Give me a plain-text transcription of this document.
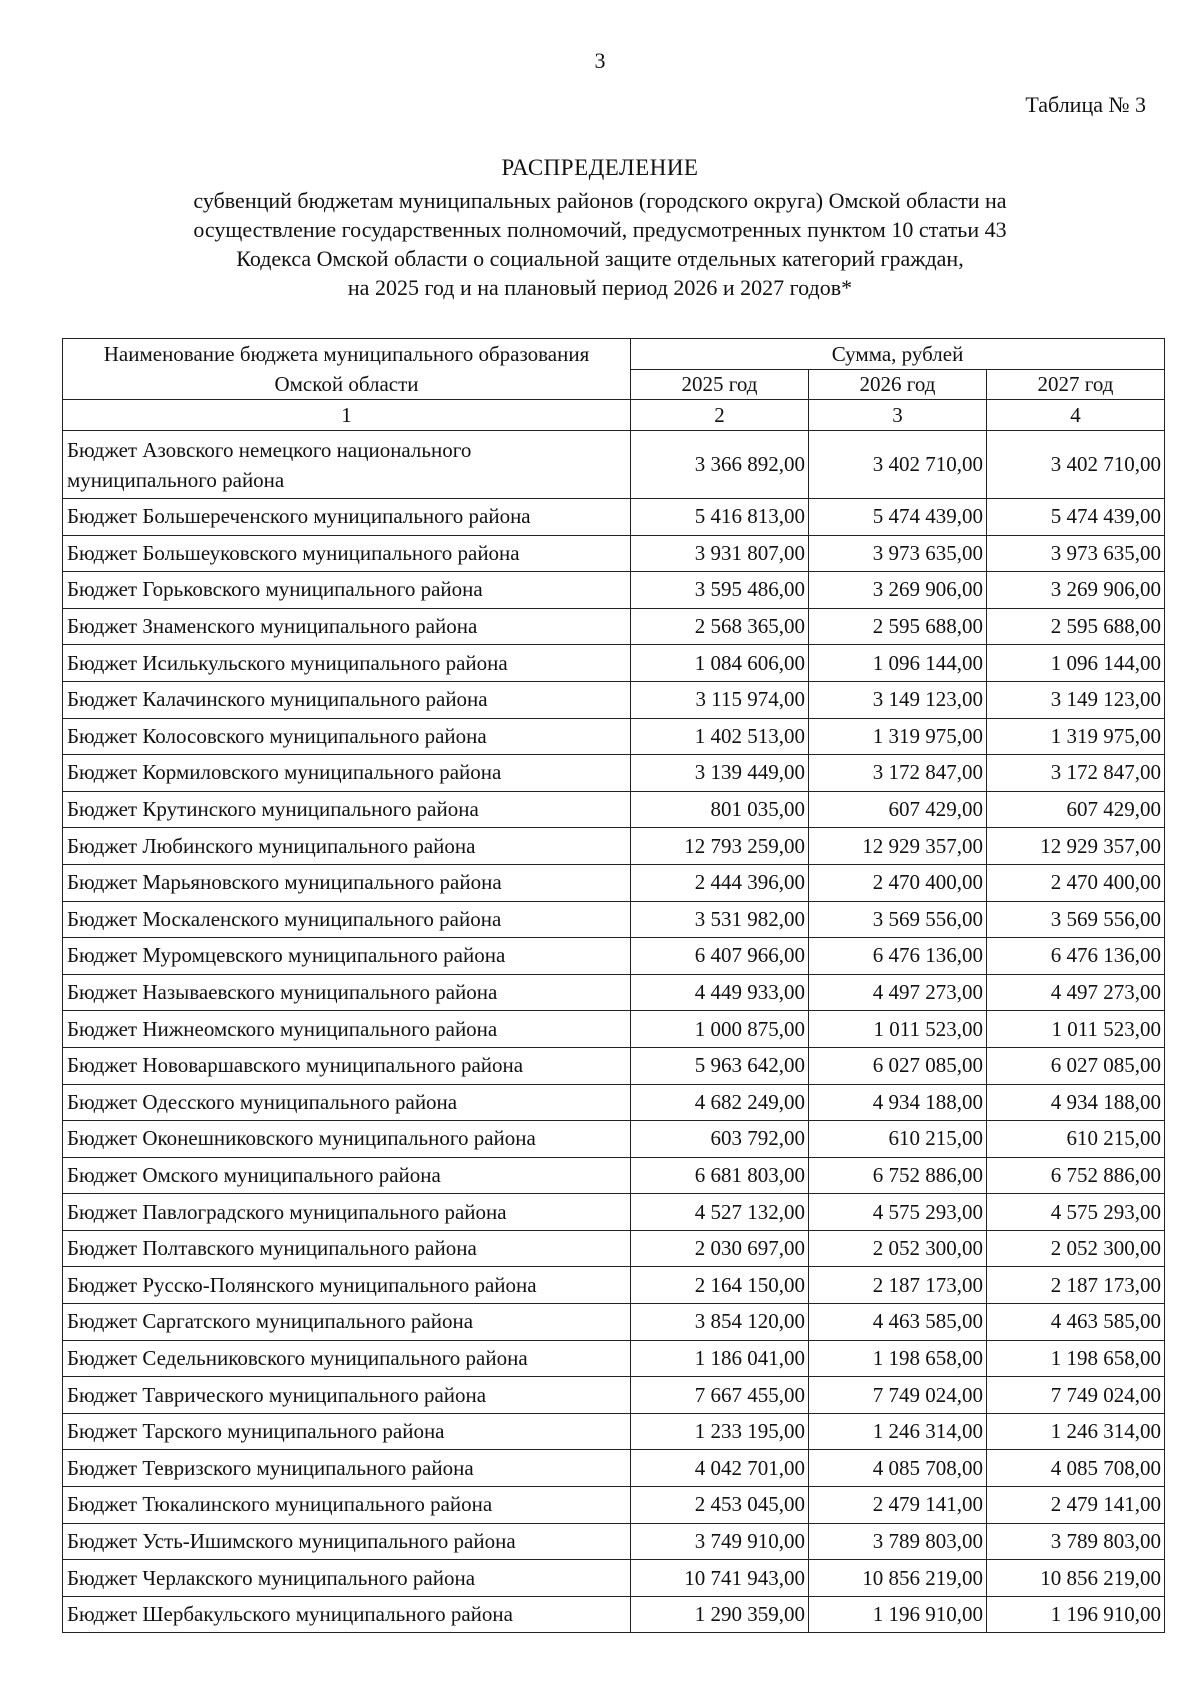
3
Таблица № 3
РАСПРЕДЕЛЕНИЕ
субвенций бюджетам муниципальных районов (городского округа) Омской области на
осуществление государственных полномочий, предусмотренных пунктом 10 статьи 43
Кодекса Омской области о социальной защите отдельных категорий граждан,
на 2025 год и на плановый период 2026 и 2027 годов*
Наименование бюджета муниципального образования Омской области	Сумма, рублей		
	2025 год	2026 год	2027 год
1	2	3	4
Бюджет Азовского немецкого национального муниципального района	3 366 892,00	3 402 710,00	3 402 710,00
Бюджет Большереченского муниципального района	5 416 813,00	5 474 439,00	5 474 439,00
Бюджет Большеуковского муниципального района	3 931 807,00	3 973 635,00	3 973 635,00
Бюджет Горьковского муниципального района	3 595 486,00	3 269 906,00	3 269 906,00
Бюджет Знаменского муниципального района	2 568 365,00	2 595 688,00	2 595 688,00
Бюджет Исилькульского муниципального района	1 084 606,00	1 096 144,00	1 096 144,00
Бюджет Калачинского муниципального района	3 115 974,00	3 149 123,00	3 149 123,00
Бюджет Колосовского муниципального района	1 402 513,00	1 319 975,00	1 319 975,00
Бюджет Кормиловского муниципального района	3 139 449,00	3 172 847,00	3 172 847,00
Бюджет Крутинского муниципального района	801 035,00	607 429,00	607 429,00
Бюджет Любинского муниципального района	12 793 259,00	12 929 357,00	12 929 357,00
Бюджет Марьяновского муниципального района	2 444 396,00	2 470 400,00	2 470 400,00
Бюджет Москаленского муниципального района	3 531 982,00	3 569 556,00	3 569 556,00
Бюджет Муромцевского муниципального района	6 407 966,00	6 476 136,00	6 476 136,00
Бюджет Называевского муниципального района	4 449 933,00	4 497 273,00	4 497 273,00
Бюджет Нижнеомского муниципального района	1 000 875,00	1 011 523,00	1 011 523,00
Бюджет Нововаршавского муниципального района	5 963 642,00	6 027 085,00	6 027 085,00
Бюджет Одесского муниципального района	4 682 249,00	4 934 188,00	4 934 188,00
Бюджет Оконешниковского муниципального района	603 792,00	610 215,00	610 215,00
Бюджет Омского муниципального района	6 681 803,00	6 752 886,00	6 752 886,00
Бюджет Павлоградского муниципального района	4 527 132,00	4 575 293,00	4 575 293,00
Бюджет Полтавского муниципального района	2 030 697,00	2 052 300,00	2 052 300,00
Бюджет Русско-Полянского муниципального района	2 164 150,00	2 187 173,00	2 187 173,00
Бюджет Саргатского муниципального района	3 854 120,00	4 463 585,00	4 463 585,00
Бюджет Седельниковского муниципального района	1 186 041,00	1 198 658,00	1 198 658,00
Бюджет Таврического муниципального района	7 667 455,00	7 749 024,00	7 749 024,00
Бюджет Тарского муниципального района	1 233 195,00	1 246 314,00	1 246 314,00
Бюджет Тевризского муниципального района	4 042 701,00	4 085 708,00	4 085 708,00
Бюджет Тюкалинского муниципального района	2 453 045,00	2 479 141,00	2 479 141,00
Бюджет Усть-Ишимского муниципального района	3 749 910,00	3 789 803,00	3 789 803,00
Бюджет Черлакского муниципального района	10 741 943,00	10 856 219,00	10 856 219,00
Бюджет Шербакульского муниципального района	1 290 359,00	1 196 910,00	1 196 910,00
